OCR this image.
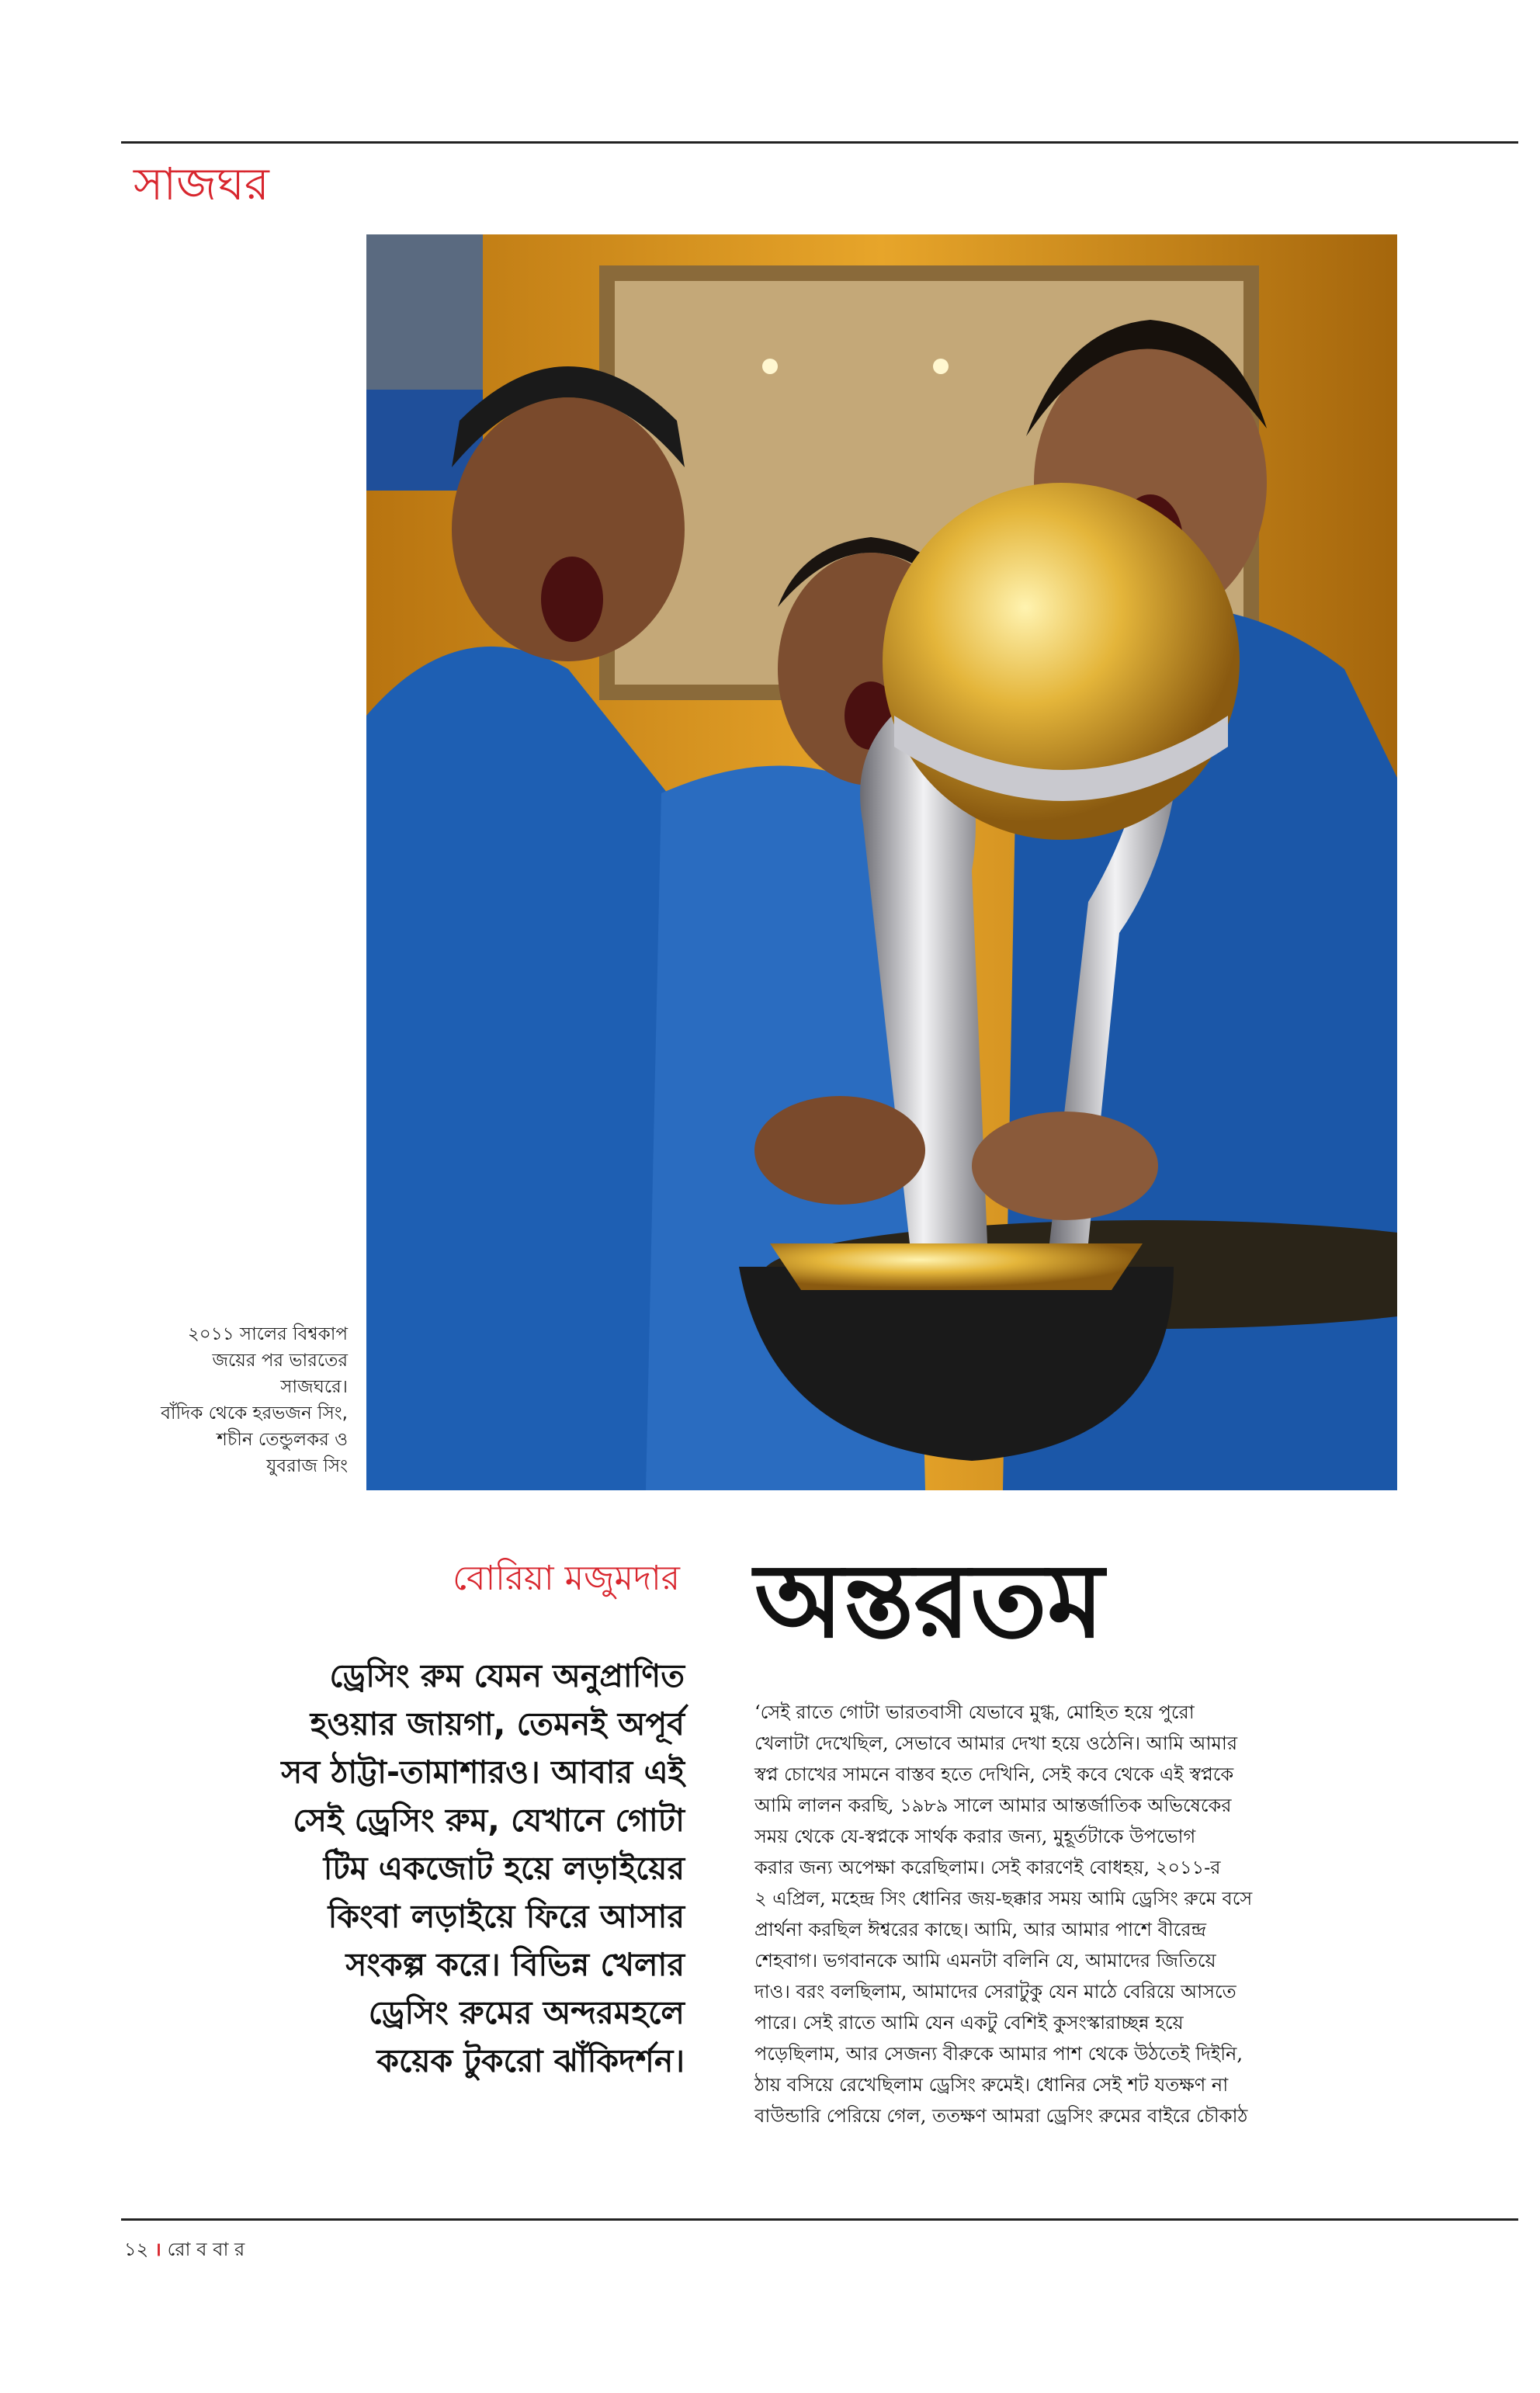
সাজঘর
২০১১ সালের বিশ্বকাপ
জয়ের পর ভারতের
সাজঘরে।
বাঁদিক থেকে হরভজন সিং,
শচীন তেন্ডুলকর ও
যুবরাজ সিং
বোরিয়া মজুমদার অন্তরতম
ড্রেসিং রুম যেমন অনুপ্রাণিত
হওয়ার জায়গা, তেমনই অপূর্ব
সব ঠাট্টা-তামাশারও। আবার এই
সেই ড্রেসিং রুম, যেখানে গোটা
টিম একজোট হয়ে লড়াইয়ের
কিংবা লড়াইয়ে ফিরে আসার
সংকল্প করে। বিভিন্ন খেলার
ড্রেসিং রুমের অন্দরমহলে
কয়েক টুকরো ঝাঁকিদর্শন।
‘সেই রাতে গোটা ভারতবাসী যেভাবে মুগ্ধ, মোহিত হয়ে পুরো
খেলাটা দেখেছিল, সেভাবে আমার দেখা হয়ে ওঠেনি। আমি আমার
স্বপ্ন চোখের সামনে বাস্তব হতে দেখিনি, সেই কবে থেকে এই স্বপ্নকে
আমি লালন করছি, ১৯৮৯ সালে আমার আন্তর্জাতিক অভিষেকের
সময় থেকে যে-স্বপ্নকে সার্থক করার জন্য, মুহূর্তটাকে উপভোগ
করার জন্য অপেক্ষা করেছিলাম। সেই কারণেই বোধহয়, ২০১১-র
২ এপ্রিল, মহেন্দ্র সিং ধোনির জয়-ছক্কার সময় আমি ড্রেসিং রুমে বসে
প্রার্থনা করছিল ঈশ্বরের কাছে। আমি, আর আমার পাশে বীরেন্দ্র
শেহবাগ। ভগবানকে আমি এমনটা বলিনি যে, আমাদের জিতিয়ে
দাও। বরং বলছিলাম, আমাদের সেরাটুকু যেন মাঠে বেরিয়ে আসতে
পারে। সেই রাতে আমি যেন একটু বেশিই কুসংস্কারাচ্ছন্ন হয়ে
পড়েছিলাম, আর সেজন্য বীরুকে আমার পাশ থেকে উঠতেই দিইনি,
ঠায় বসিয়ে রেখেছিলাম ড্রেসিং রুমেই। ধোনির সেই শট যতক্ষণ না
বাউন্ডারি পেরিয়ে গেল, ততক্ষণ আমরা ড্রেসিং রুমের বাইরে চৌকাঠ
১২ । রো ব বা র
